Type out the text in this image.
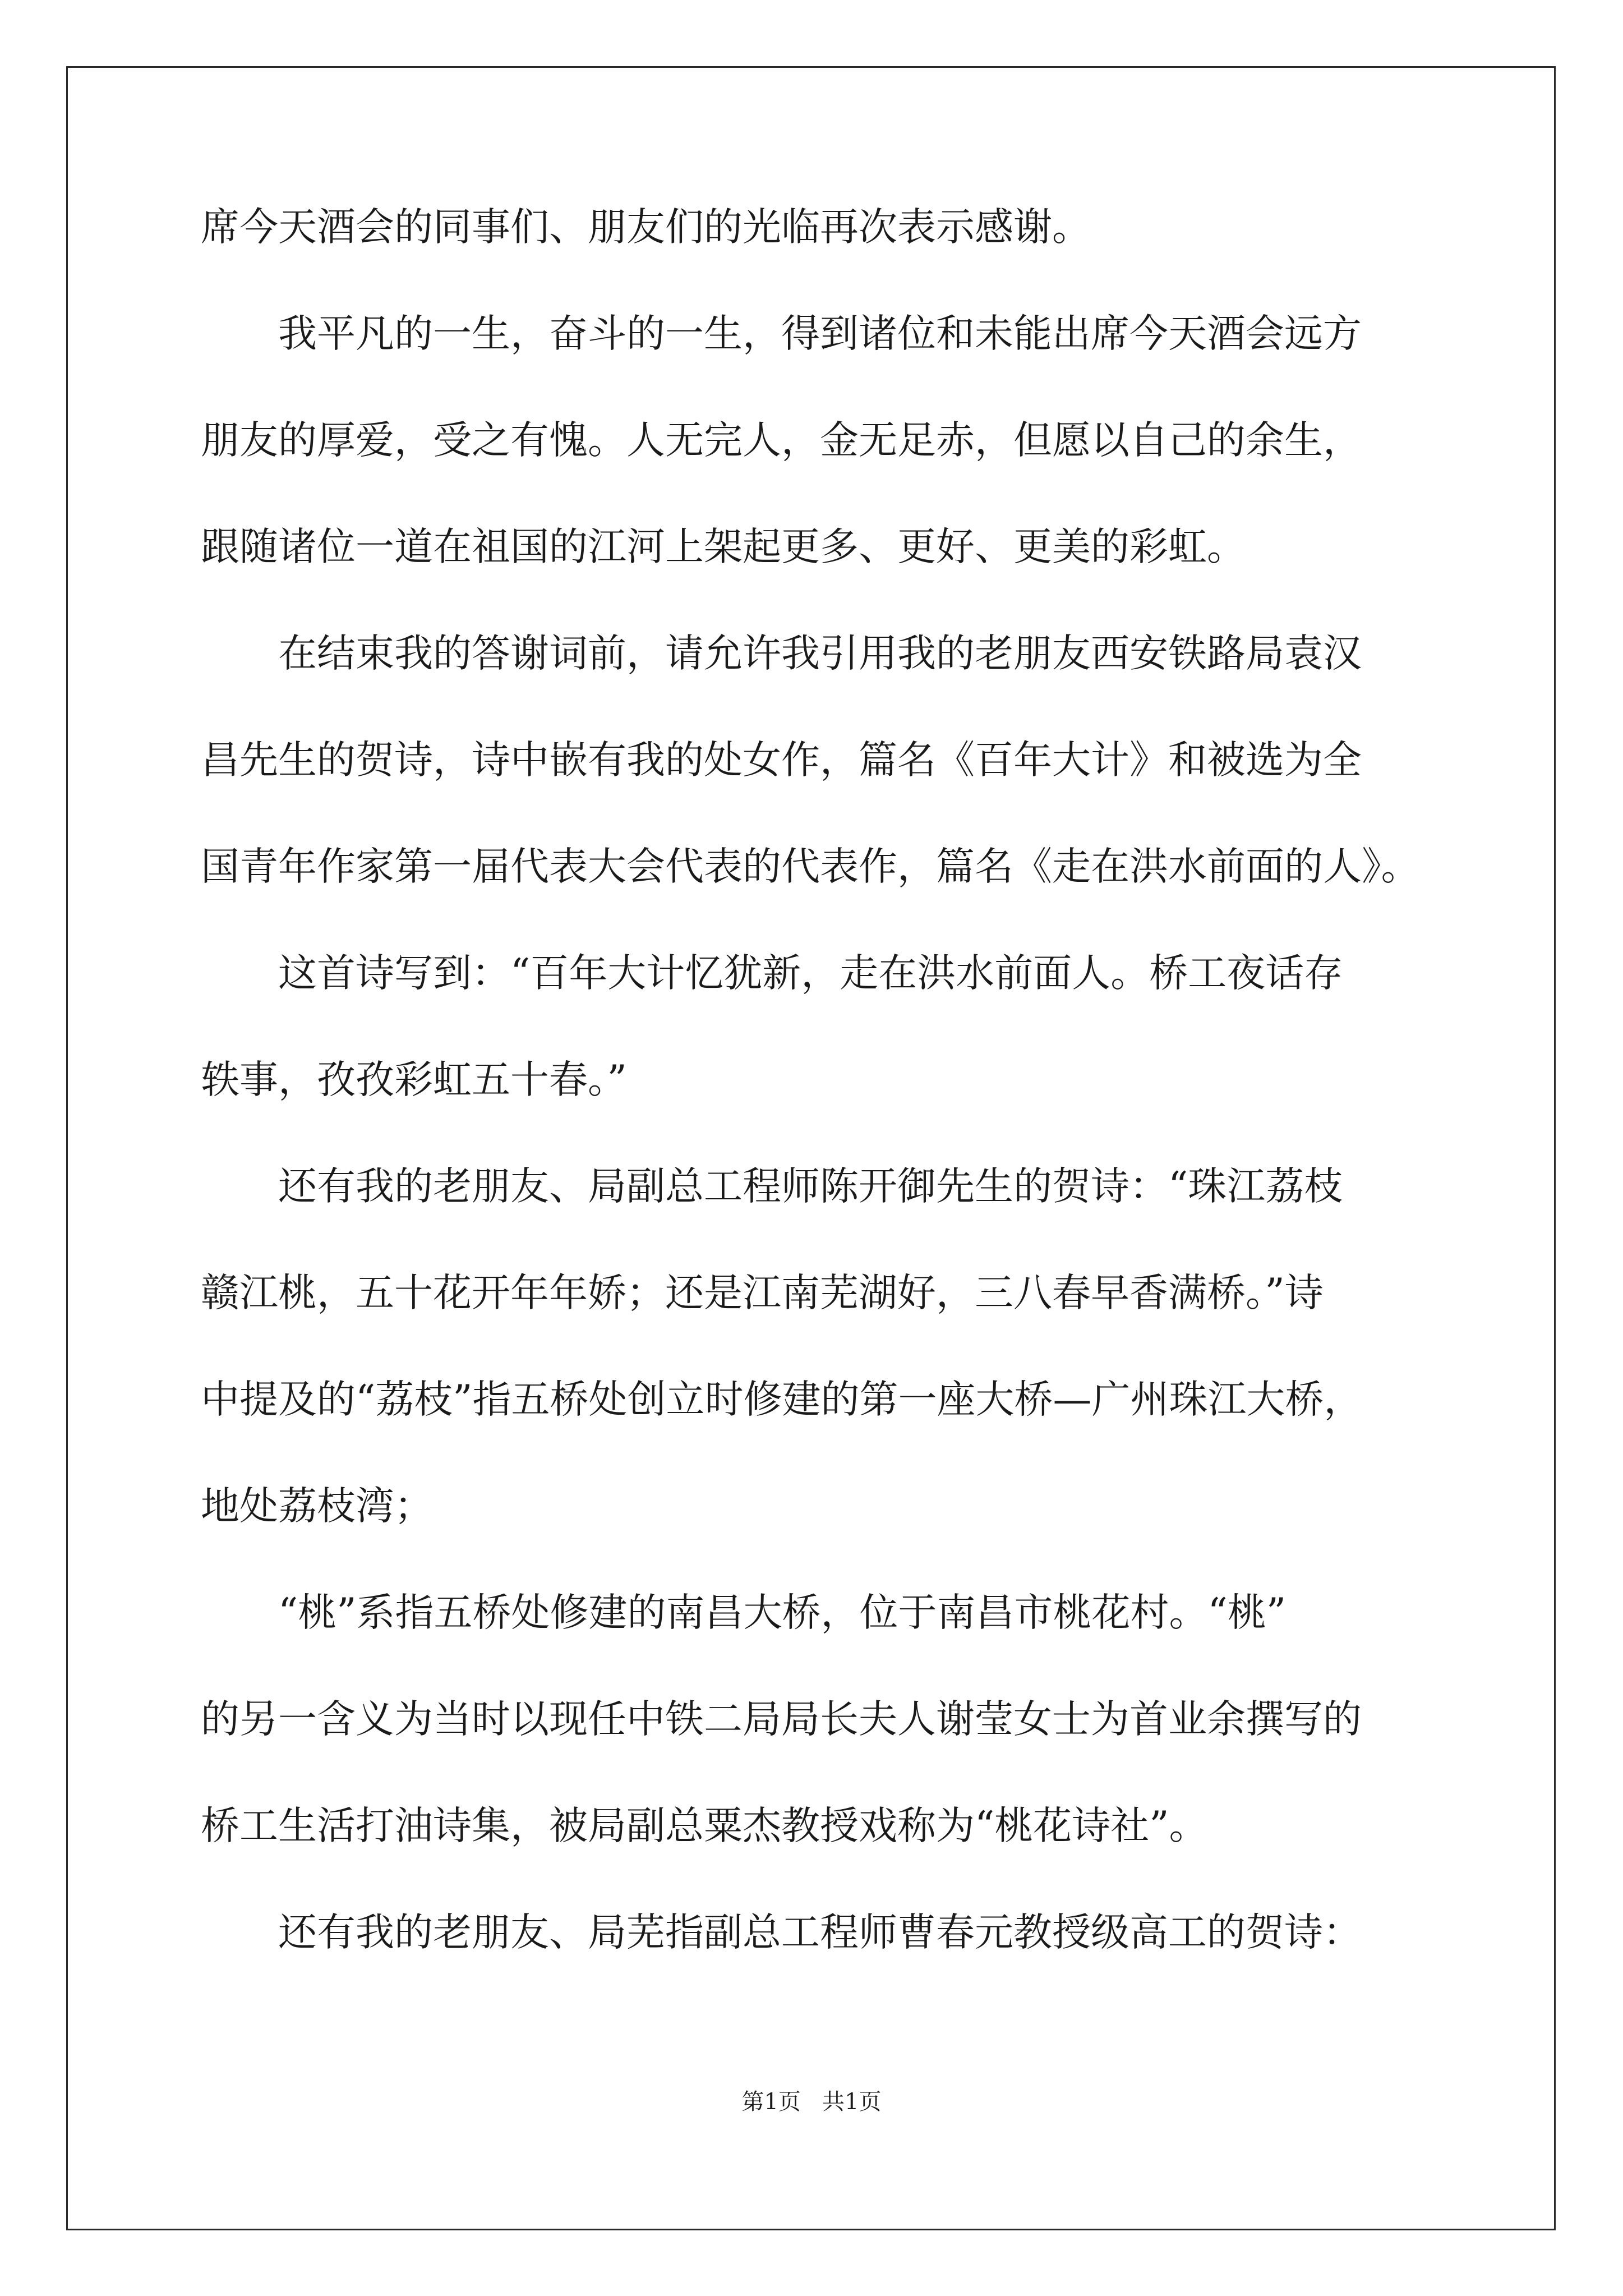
席今天酒会的同事们、朋友们的光临再次表示感谢。
我平凡的一生，奋斗的一生，得到诸位和未能出席今天酒会远方
朋友的厚爱，受之有愧。人无完人，金无足赤，但愿以自己的余生，
跟随诸位一道在祖国的江河上架起更多、更好、更美的彩虹。
在结束我的答谢词前，请允许我引用我的老朋友西安铁路局袁汉
昌先生的贺诗，诗中嵌有我的处女作，篇名《百年大计》和被选为全
国青年作家第一届代表大会代表的代表作，篇名《走在洪水前面的人》。
这首诗写到：“百年大计忆犹新，走在洪水前面人。桥工夜话存
轶事，孜孜彩虹五十春。”
还有我的老朋友、局副总工程师陈开御先生的贺诗：“珠江荔枝
赣江桃，五十花开年年娇；还是江南芜湖好，三八春早香满桥。”诗
中提及的“荔枝”指五桥处创立时修建的第一座大桥—广州珠江大桥，
地处荔枝湾；
“桃”系指五桥处修建的南昌大桥，位于南昌市桃花村。“桃”
的另一含义为当时以现任中铁二局局长夫人谢莹女士为首业余撰写的
桥工生活打油诗集，被局副总粟杰教授戏称为“桃花诗社”。
还有我的老朋友、局芜指副总工程师曹春元教授级高工的贺诗：
第1页   共1页
